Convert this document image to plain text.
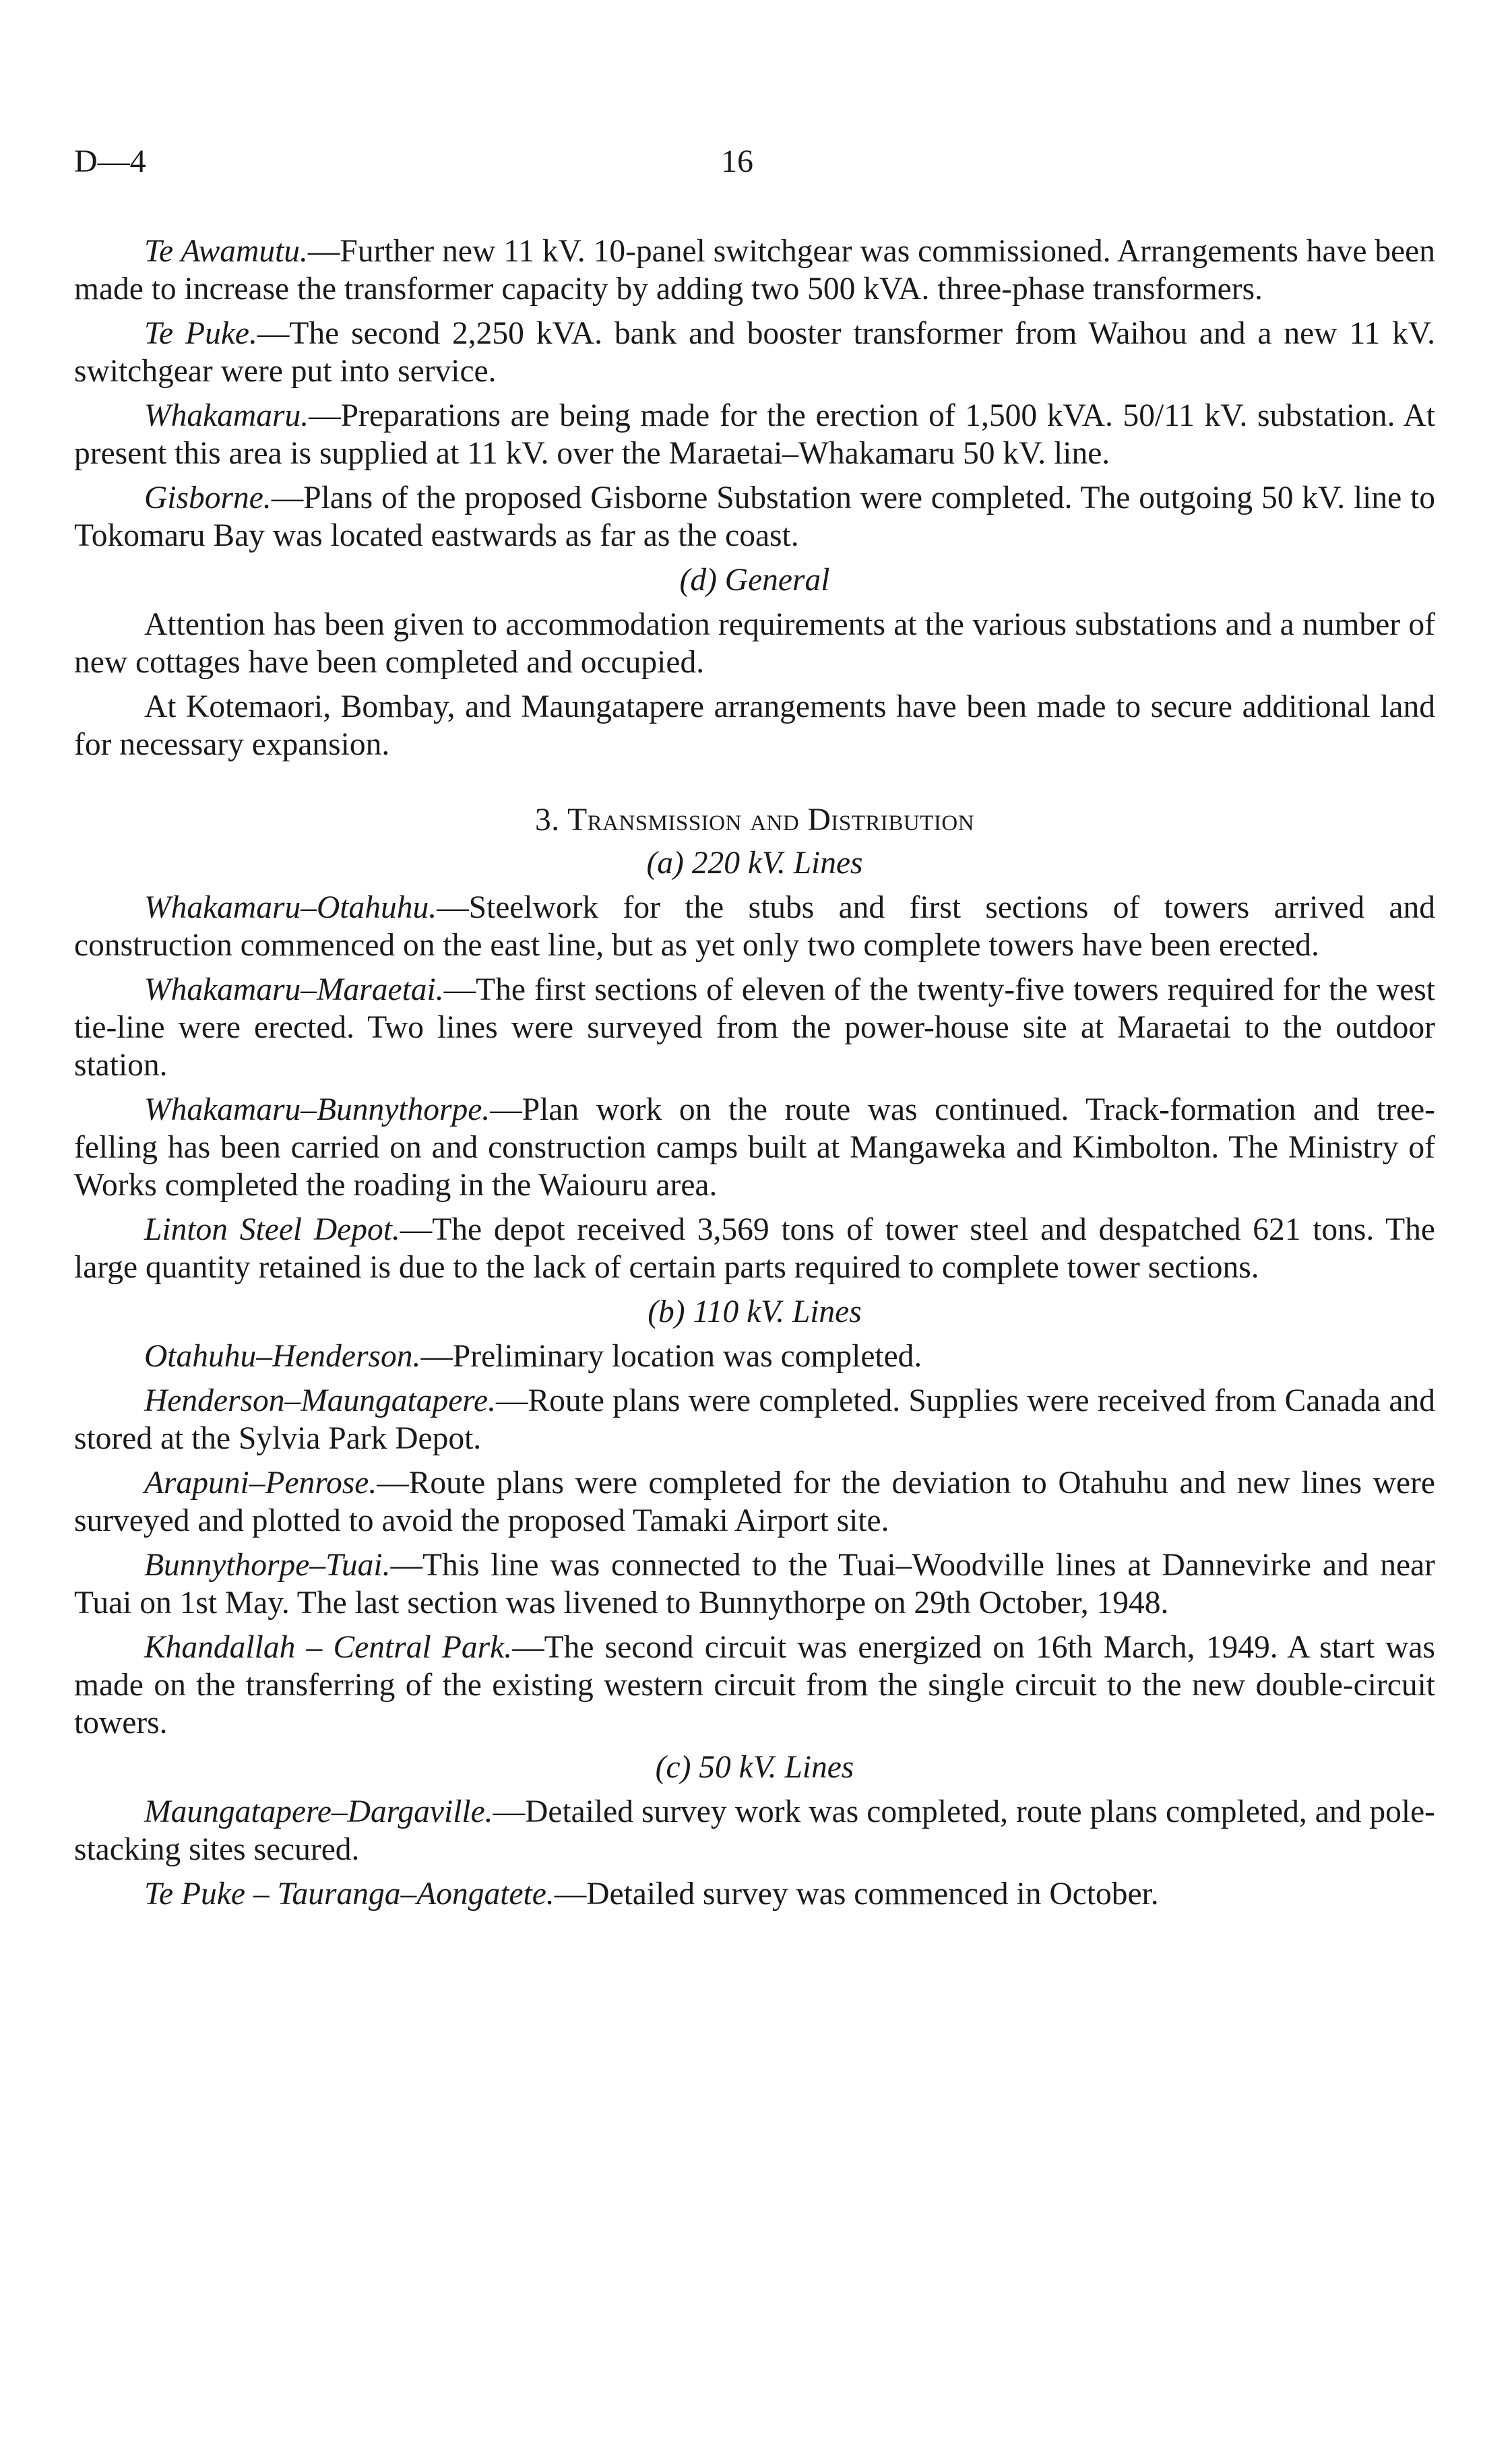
D—4	16

Te Awamutu.—Further new 11 kV. 10-panel switchgear was commissioned. Arrangements have been made to increase the transformer capacity by adding two 500 kVA. three-phase transformers.

Te Puke.—The second 2,250 kVA. bank and booster transformer from Waihou and a new 11 kV. switchgear were put into service.

Whakamaru.—Preparations are being made for the erection of 1,500 kVA. 50/11 kV. substation. At present this area is supplied at 11 kV. over the Maraetai–Whakamaru 50 kV. line.

Gisborne.—Plans of the proposed Gisborne Substation were completed. The outgoing 50 kV. line to Tokomaru Bay was located eastwards as far as the coast.

(d) General

Attention has been given to accommodation requirements at the various substations and a number of new cottages have been completed and occupied.

At Kotemaori, Bombay, and Maungatapere arrangements have been made to secure additional land for necessary expansion.

3. Transmission and Distribution
(a) 220 kV. Lines

Whakamaru–Otahuhu.—Steelwork for the stubs and first sections of towers arrived and construction commenced on the east line, but as yet only two complete towers have been erected.

Whakamaru–Maraetai.—The first sections of eleven of the twenty-five towers required for the west tie-line were erected. Two lines were surveyed from the power-house site at Maraetai to the outdoor station.

Whakamaru–Bunnythorpe.—Plan work on the route was continued. Track-formation and tree-felling has been carried on and construction camps built at Mangaweka and Kimbolton. The Ministry of Works completed the roading in the Waiouru area.

Linton Steel Depot.—The depot received 3,569 tons of tower steel and despatched 621 tons. The large quantity retained is due to the lack of certain parts required to complete tower sections.

(b) 110 kV. Lines

Otahuhu–Henderson.—Preliminary location was completed.

Henderson–Maungatapere.—Route plans were completed. Supplies were received from Canada and stored at the Sylvia Park Depot.

Arapuni–Penrose.—Route plans were completed for the deviation to Otahuhu and new lines were surveyed and plotted to avoid the proposed Tamaki Airport site.

Bunnythorpe–Tuai.—This line was connected to the Tuai–Woodville lines at Dannevirke and near Tuai on 1st May. The last section was livened to Bunnythorpe on 29th October, 1948.

Khandallah – Central Park.—The second circuit was energized on 16th March, 1949. A start was made on the transferring of the existing western circuit from the single circuit to the new double-circuit towers.

(c) 50 kV. Lines

Maungatapere–Dargaville.—Detailed survey work was completed, route plans completed, and pole-stacking sites secured.

Te Puke – Tauranga–Aongatete.—Detailed survey was commenced in October.
